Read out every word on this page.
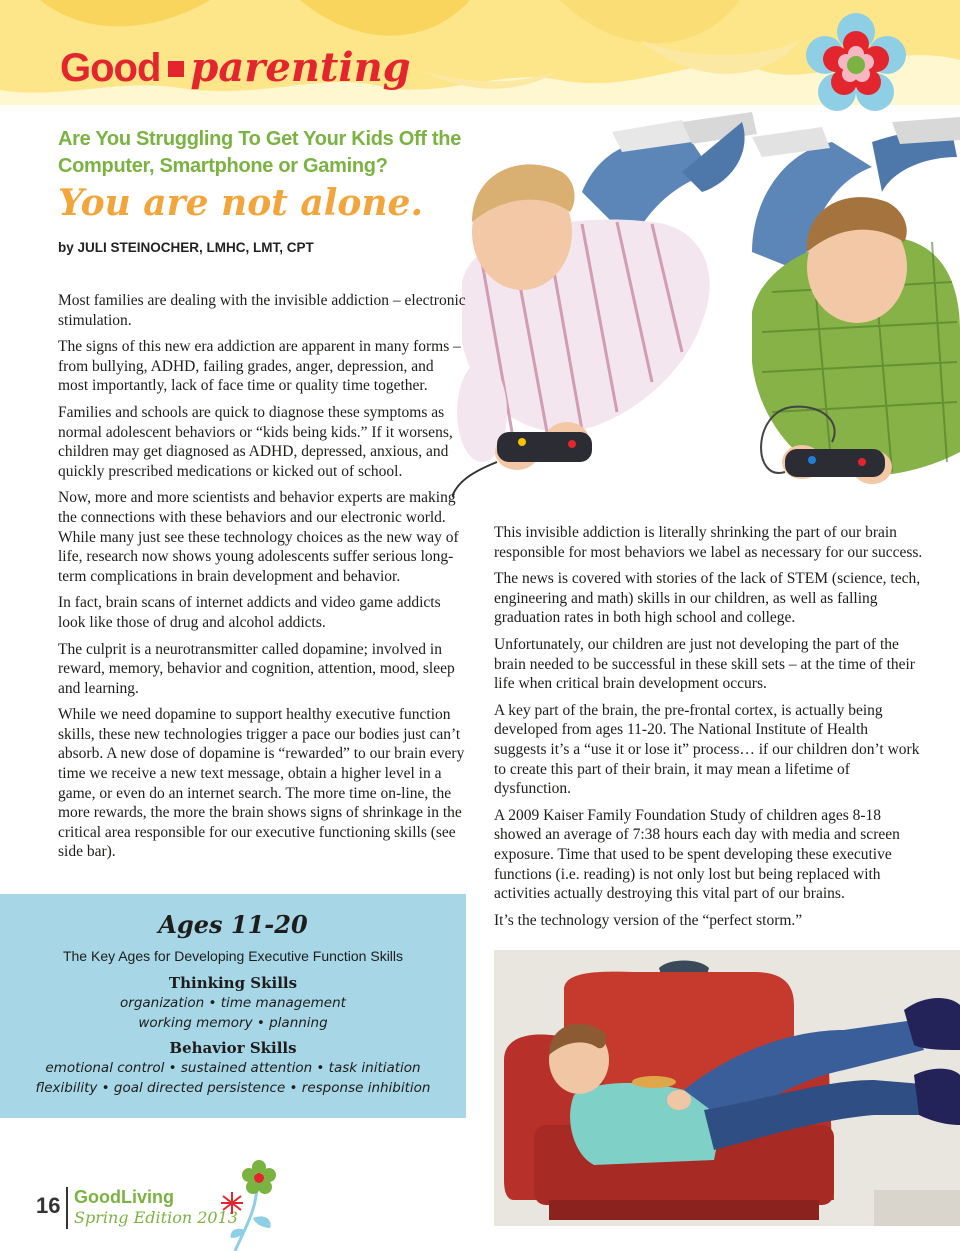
Good parenting
Are You Struggling To Get Your Kids Off the Computer, Smartphone or Gaming?
You are not alone.
by JULI STEINOCHER, LMHC, LMT, CPT

Most families are dealing with the invisible addiction – electronic stimulation.

The signs of this new era addiction are apparent in many forms – from bullying, ADHD, failing grades, anger, depression, and most importantly, lack of face time or quality time together.

Families and schools are quick to diagnose these symptoms as normal adolescent behaviors or “kids being kids.” If it worsens, children may get diagnosed as ADHD, depressed, anxious, and quickly prescribed medications or kicked out of school.

Now, more and more scientists and behavior experts are making the connections with these behaviors and our electronic world. While many just see these technology choices as the new way of life, research now shows young adolescents suffer serious long-term complications in brain development and behavior.

In fact, brain scans of internet addicts and video game addicts look like those of drug and alcohol addicts.

The culprit is a neurotransmitter called dopamine; involved in reward, memory, behavior and cognition, attention, mood, sleep and learning.

While we need dopamine to support healthy executive function skills, these new technologies trigger a pace our bodies just can’t absorb. A new dose of dopamine is “rewarded” to our brain every time we receive a new text message, obtain a higher level in a game, or even do an internet search. The more time on-line, the more rewards, the more the brain shows signs of shrinkage in the critical area responsible for our executive functioning skills (see side bar).

This invisible addiction is literally shrinking the part of our brain responsible for most behaviors we label as necessary for our success.

The news is covered with stories of the lack of STEM (science, tech, engineering and math) skills in our children, as well as falling graduation rates in both high school and college.

Unfortunately, our children are just not developing the part of the brain needed to be successful in these skill sets – at the time of their life when critical brain development occurs.

A key part of the brain, the pre-frontal cortex, is actually being developed from ages 11-20. The National Institute of Health suggests it’s a “use it or lose it” process… if our children don’t work to create this part of their brain, it may mean a lifetime of dysfunction.

A 2009 Kaiser Family Foundation Study of children ages 8-18 showed an average of 7:38 hours each day with media and screen exposure. Time that used to be spent developing these executive functions (i.e. reading) is not only lost but being replaced with activities actually destroying this vital part of our brains.

It’s the technology version of the “perfect storm.”

Ages 11-20
The Key Ages for Developing Executive Function Skills
Thinking Skills
organization • time management
working memory • planning
Behavior Skills
emotional control • sustained attention • task initiation
flexibility • goal directed persistence • response inhibition
16 GoodLiving
Spring Edition 2013
